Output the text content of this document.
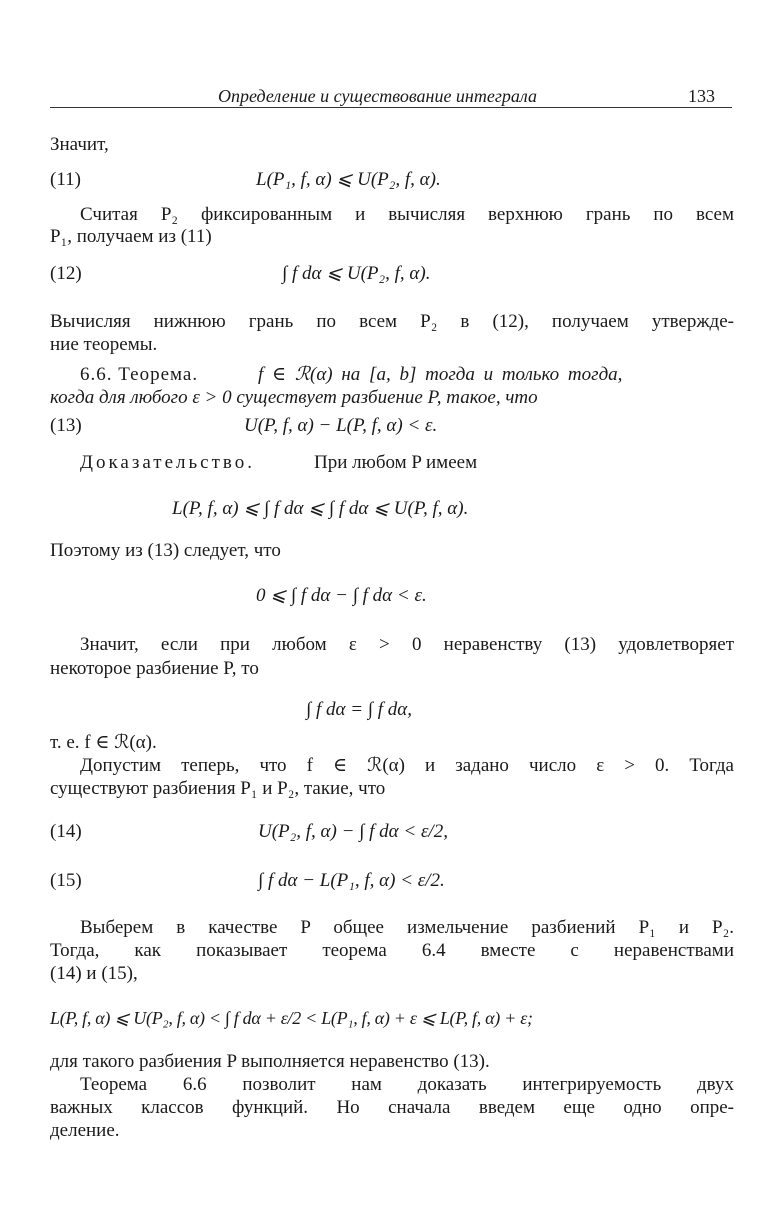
Определение и существование интеграла	133
Значит,
(11)	L(P₁, f, α) ⩽ U(P₂, f, α).
Считая P₂ фиксированным и вычисляя верхнюю грань по всем
P₁, получаем из (11)
(12)	∫ f dα ⩽ U(P₂, f, α).
Вычисляя нижнюю грань по всем P₂ в (12), получаем утвержде-
ние теоремы.
6.6. Теорема.	f ∈ ℛ(α) на [a, b] тогда и только тогда,
когда для любого ε > 0 существует разбиение P, такое, что
(13)	U(P, f, α) − L(P, f, α) < ε.
Доказательство.	При любом P имеем
L(P, f, α) ⩽ ∫ f dα ⩽ ∫ f dα ⩽ U(P, f, α).
Поэтому из (13) следует, что
0 ⩽ ∫ f dα − ∫ f dα < ε.
Значит, если при любом ε > 0 неравенству (13) удовлетворяет
некоторое разбиение P, то
∫ f dα = ∫ f dα,
т. е. f ∈ ℛ(α).
Допустим теперь, что f ∈ ℛ(α) и задано число ε > 0. Тогда
существуют разбиения P₁ и P₂, такие, что
(14)	U(P₂, f, α) − ∫ f dα < ε/2,
(15)	∫ f dα − L(P₁, f, α) < ε/2.
Выберем в качестве P общее измельчение разбиений P₁ и P₂.
Тогда, как показывает теорема 6.4 вместе с неравенствами
(14) и (15),
L(P, f, α) ⩽ U(P₂, f, α) < ∫ f dα + ε/2 < L(P₁, f, α) + ε ⩽ L(P, f, α) + ε;
для такого разбиения P выполняется неравенство (13).
Теорема 6.6 позволит нам доказать интегрируемость двух
важных классов функций. Но сначала введем еще одно опре-
деление.
